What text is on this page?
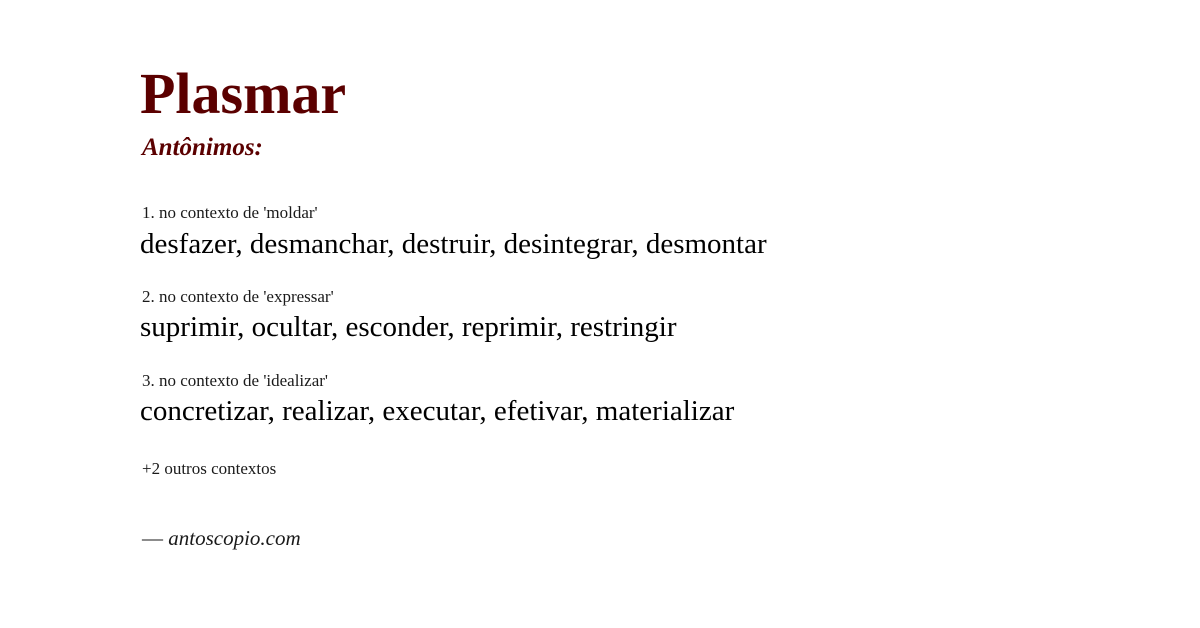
Plasmar
Antônimos:
1. no contexto de 'moldar'
desfazer, desmanchar, destruir, desintegrar, desmontar
2. no contexto de 'expressar'
suprimir, ocultar, esconder, reprimir, restringir
3. no contexto de 'idealizar'
concretizar, realizar, executar, efetivar, materializar
+2 outros contextos
— antoscopio.com
